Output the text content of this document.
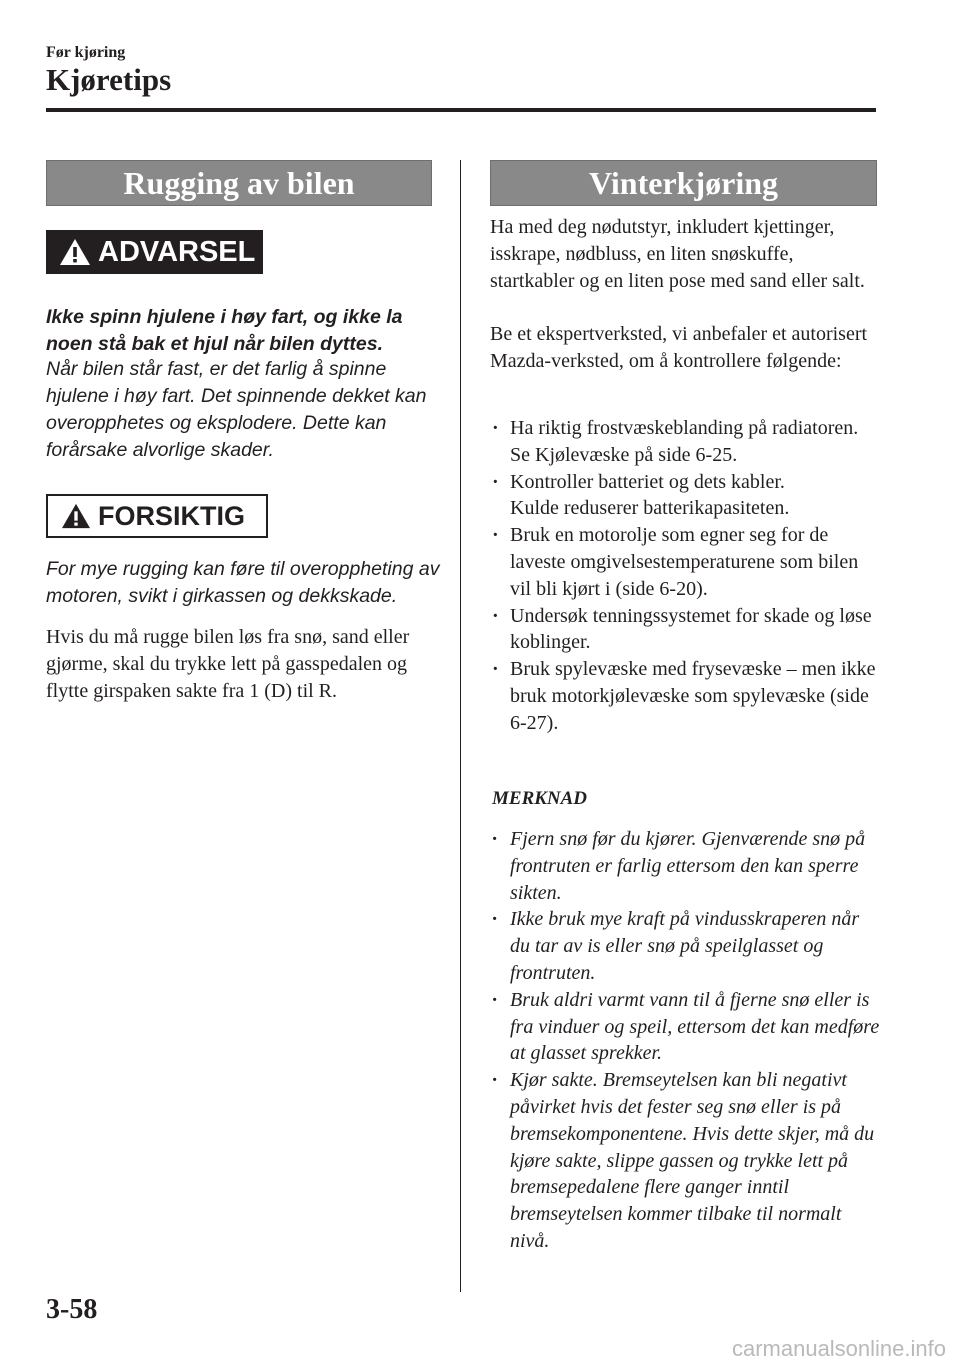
Før kjøring
Kjøretips
Rugging av bilen
ADVARSEL

Ikke spinn hjulene i høy fart, og ikke la noen stå bak et hjul når bilen dyttes.

Når bilen står fast, er det farlig å spinne hjulene i høy fart. Det spinnende dekket kan overopphetes og eksplodere. Dette kan forårsake alvorlige skader.

FORSIKTIG

For mye rugging kan føre til overoppheting av motoren, svikt i girkassen og dekkskade.

Hvis du må rugge bilen løs fra snø, sand eller gjørme, skal du trykke lett på gasspedalen og flytte girspaken sakte fra 1 (D) til R.

Vinterkjøring

Ha med deg nødutstyr, inkludert kjettinger, isskrape, nødbluss, en liten snøskuffe, startkabler og en liten pose med sand eller salt.

Be et ekspertverksted, vi anbefaler et autorisert Mazda-verksted, om å kontrollere følgende:

· Ha riktig frostvæskeblanding på radiatoren.
Se Kjølevæske på side 6-25.
· Kontroller batteriet og dets kabler.
Kulde reduserer batterikapasiteten.
· Bruk en motorolje som egner seg for de laveste omgivelsestemperaturene som bilen vil bli kjørt i (side 6-20).
· Undersøk tenningssystemet for skade og løse koblinger.
· Bruk spylevæske med frysevæske – men ikke bruk motorkjølevæske som spylevæske (side 6-27).
MERKNAD
· Fjern snø før du kjører. Gjenværende snø på frontruten er farlig ettersom den kan sperre sikten.
· Ikke bruk mye kraft på vindusskraperen når du tar av is eller snø på speilglasset og frontruten.
· Bruk aldri varmt vann til å fjerne snø eller is fra vinduer og speil, ettersom det kan medføre at glasset sprekker.
· Kjør sakte. Bremseytelsen kan bli negativt påvirket hvis det fester seg snø eller is på bremsekomponentene. Hvis dette skjer, må du kjøre sakte, slippe gassen og trykke lett på bremsepedalene flere ganger inntil bremseytelsen kommer tilbake til normalt nivå.
3-58
carmanualsonline.info
